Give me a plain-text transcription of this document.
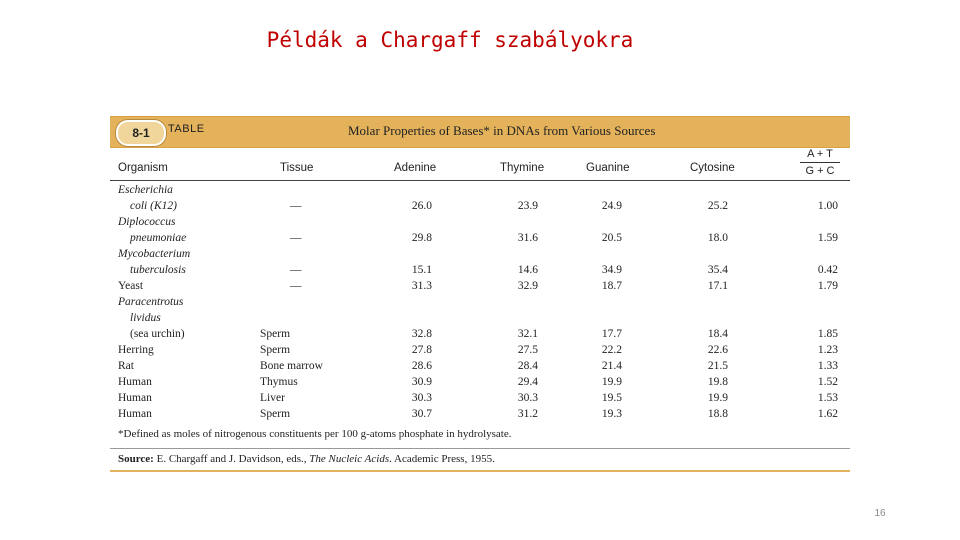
Példák a Chargaff szabályokra
8-1	TABLE	Molar Properties of Bases* in DNAs from Various Sources
Organism	Tissue	Adenine	Thymine	Guanine	Cytosine
A + T
G + C
Escherichia
coli (K12)	—	26.0	23.9	24.9	25.2	1.00
Diplococcus
pneumoniae	—	29.8	31.6	20.5	18.0	1.59
Mycobacterium
tuberculosis	—	15.1	14.6	34.9	35.4	0.42
Yeast	—	31.3	32.9	18.7	17.1	1.79
Paracentrotus
lividus
(sea urchin)	Sperm	32.8	32.1	17.7	18.4	1.85
Herring	Sperm	27.8	27.5	22.2	22.6	1.23
Rat	Bone marrow	28.6	28.4	21.4	21.5	1.33
Human	Thymus	30.9	29.4	19.9	19.8	1.52
Human	Liver	30.3	30.3	19.5	19.9	1.53
Human	Sperm	30.7	31.2	19.3	18.8	1.62
*Defined as moles of nitrogenous constituents per 100 g-atoms phosphate in hydrolysate.
Source: E. Chargaff and J. Davidson, eds., The Nucleic Acids. Academic Press, 1955.
16
